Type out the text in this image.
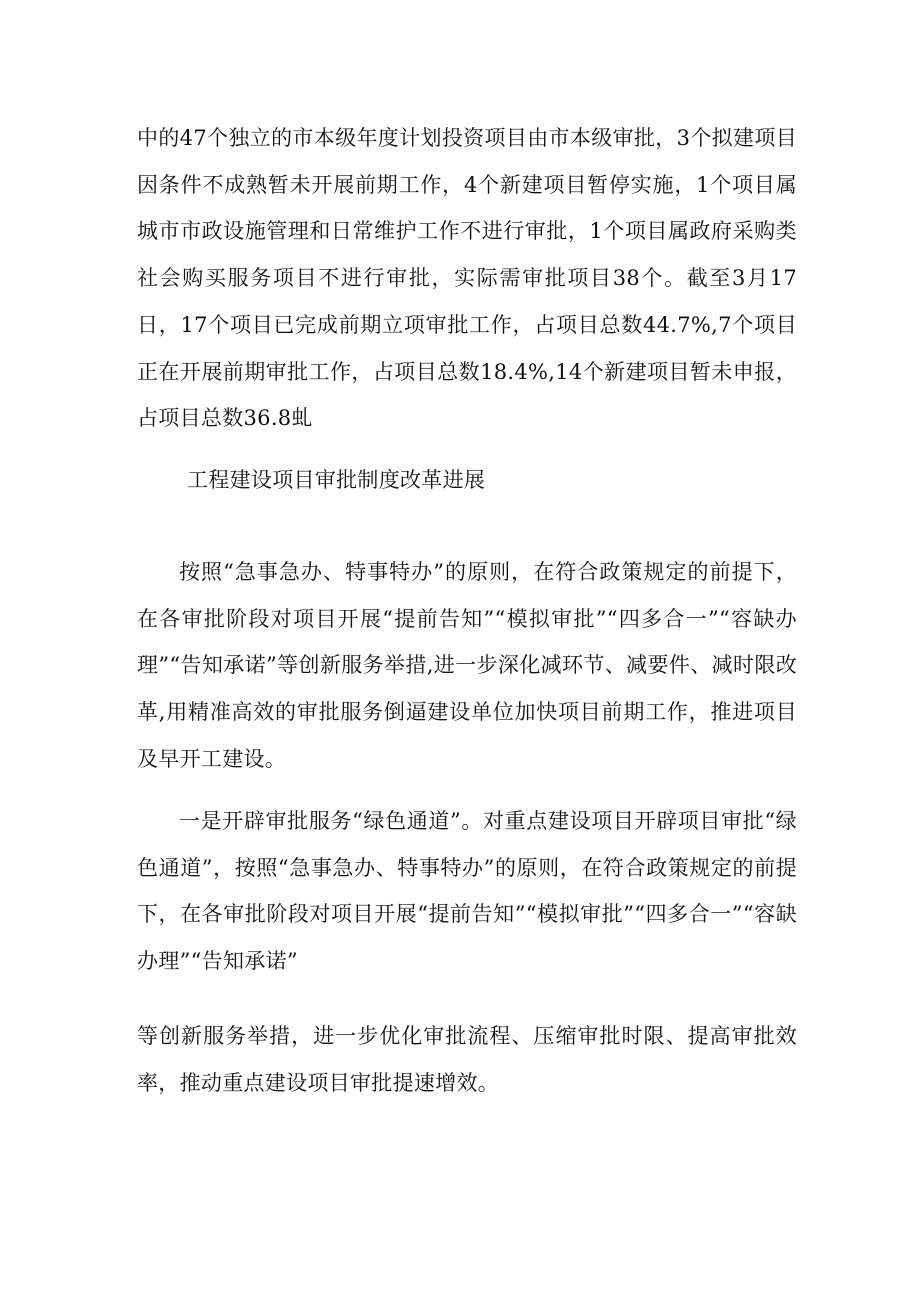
中的47个独立的市本级年度计划投资项目由市本级审批，3个拟建项目因条件不成熟暂未开展前期工作，4个新建项目暂停实施，1个项目属城市市政设施管理和日常维护工作不进行审批，1个项目属政府采购类社会购买服务项目不进行审批，实际需审批项目38个。截至3月17日，17个项目已完成前期立项审批工作，占项目总数44.7%,7个项目正在开展前期审批工作，占项目总数18.4%,14个新建项目暂未申报，占项目总数36.8虬

工程建设项目审批制度改革进展

按照“急事急办、特事特办”的原则，在符合政策规定的前提下，在各审批阶段对项目开展“提前告知”“模拟审批”“四多合一”“容缺办理”“告知承诺”等创新服务举措,进一步深化减环节、减要件、减时限改革,用精准高效的审批服务倒逼建设单位加快项目前期工作，推进项目及早开工建设。

一是开辟审批服务“绿色通道”。对重点建设项目开辟项目审批“绿色通道”，按照“急事急办、特事特办”的原则，在符合政策规定的前提下，在各审批阶段对项目开展“提前告知”“模拟审批”“四多合一”“容缺办理”“告知承诺”

等创新服务举措，进一步优化审批流程、压缩审批时限、提高审批效率，推动重点建设项目审批提速增效。
